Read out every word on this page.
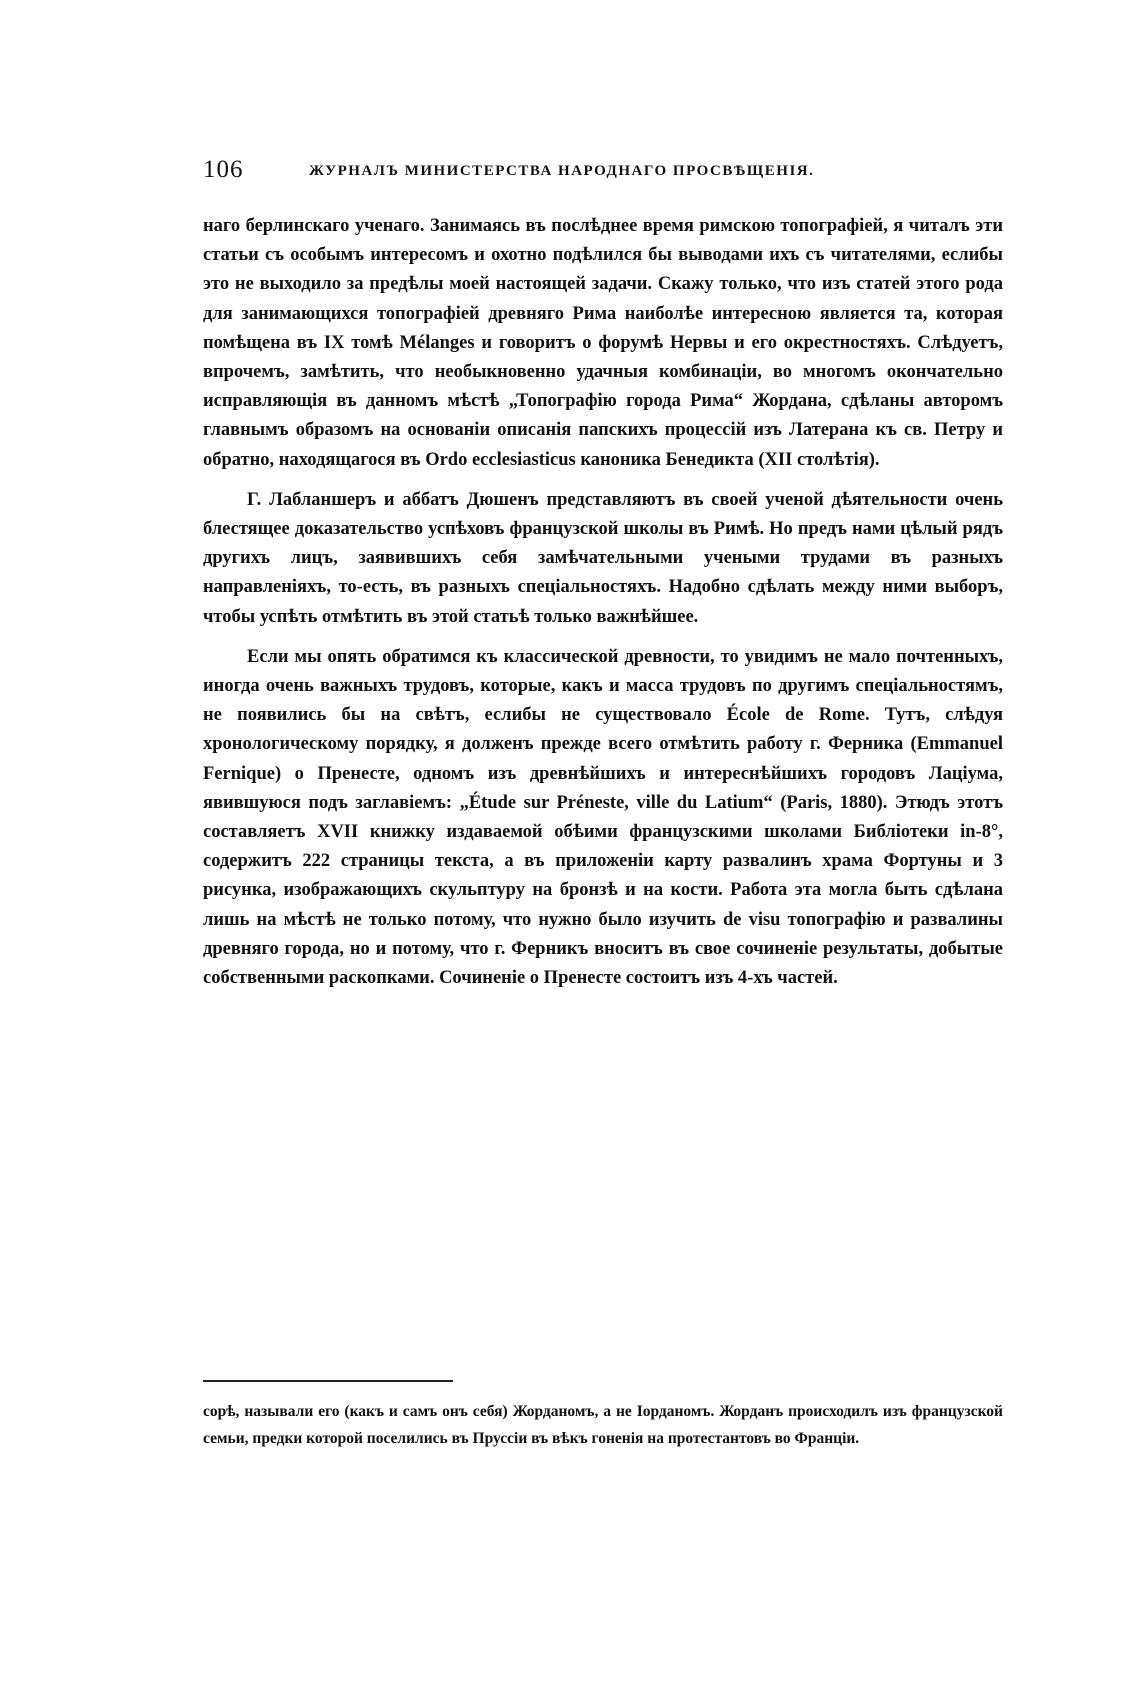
106	ЖУРНАЛЪ МИНИСТЕРСТВА НАРОДНАГО ПРОСВѢЩЕНІЯ.

наго берлинскаго ученаго. Занимаясь въ послѣднее время римскою топографіей, я читалъ эти статьи съ особымъ интересомъ и охотно подѣлился бы выводами ихъ съ читателями, еслибы это не выходило за предѣлы моей настоящей задачи. Скажу только, что изъ статей этого рода для занимающихся топографіей древняго Рима наиболѣе интересною является та, которая помѣщена въ IX томѣ Mélanges и говоритъ о форумѣ Нервы и его окрестностяхъ. Слѣдуетъ, впрочемъ, замѣтить, что необыкновенно удачныя комбинаціи, во многомъ окончательно исправляющія въ данномъ мѣстѣ „Топографію города Рима“ Жордана, сдѣланы авторомъ главнымъ образомъ на основаніи описанія папскихъ процессій изъ Латерана къ св. Петру и обратно, находящагося въ Ordo ecclesiasticus каноника Бенедикта (XII столѣтія).

Г. Лабланшеръ и аббатъ Дюшенъ представляютъ въ своей ученой дѣятельности очень блестящее доказательство успѣховъ французской школы въ Римѣ. Но предъ нами цѣлый рядъ другихъ лицъ, заявившихъ себя замѣчательными учеными трудами въ разныхъ направленіяхъ, то-есть, въ разныхъ спеціальностяхъ. Надобно сдѣлать между ними выборъ, чтобы успѣть отмѣтить въ этой статьѣ только важнѣйшее.

Если мы опять обратимся къ классической древности, то увидимъ не мало почтенныхъ, иногда очень важныхъ трудовъ, которые, какъ и масса трудовъ по другимъ спеціальностямъ, не появились бы на свѣтъ, еслибы не существовало École de Rome. Тутъ, слѣдуя хронологическому порядку, я долженъ прежде всего отмѣтить работу г. Ферника (Emmanuel Fernique) о Пренесте, одномъ изъ древнѣйшихъ и интереснѣйшихъ городовъ Лаціума, явившуюся подъ заглавіемъ: „Étude sur Préneste, ville du Latium“ (Paris, 1880). Этюдъ этотъ составляетъ XVII книжку издаваемой обѣими французскими школами Библіотеки in-8°, содержитъ 222 страницы текста, а въ приложеніи карту развалинъ храма Фортуны и 3 рисунка, изображающихъ скульптуру на бронзѣ и на кости. Работа эта могла быть сдѣлана лишь на мѣстѣ не только потому, что нужно было изучить de visu топографію и развалины древняго города, но и потому, что г. Ферникъ вноситъ въ свое сочиненіе результаты, добытые собственными раскопками. Сочиненіе о Пренесте состоитъ изъ 4-хъ частей.

сорѣ, называли его (какъ и самъ онъ себя) Жорданомъ, а не Іорданомъ. Жорданъ происходилъ изъ французской семьи, предки которой поселились въ Пруссіи въ вѣкъ гоненія на протестантовъ во Франціи.
